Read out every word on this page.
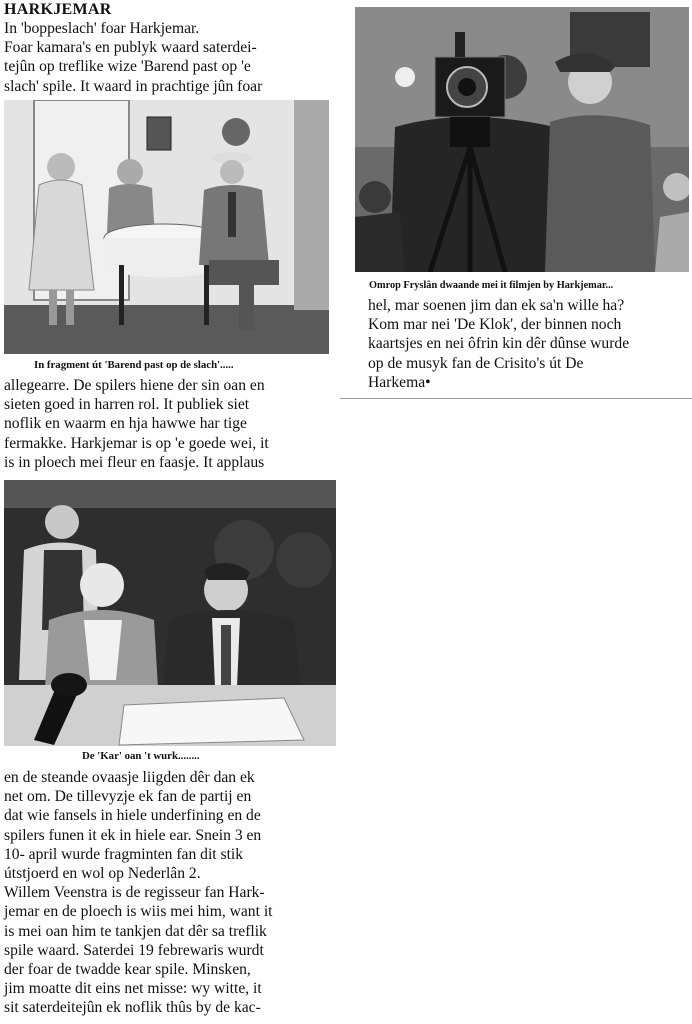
HARKJEMAR
In 'boppeslach' foar Harkjemar.
Foar kamara's en publyk waard saterdei-
tejûn op treflike wize 'Barend past op 'e
slach' spile. It waard in prachtige jûn foar
In fragment út 'Barend past op de slach'.....
allegearre. De spilers hiene der sin oan en
sieten goed in harren rol. It publiek siet
noflik en waarm en hja hawwe har tige
fermakke. Harkjemar is op 'e goede wei, it
is in ploech mei fleur en faasje. It applaus
De 'Kar' oan 't wurk........
en de steande ovaasje liigden dêr dan ek
net om. De tillevyzje ek fan de partij en
dat wie fansels in hiele underfining en de
spilers funen it ek in hiele ear. Snein 3 en
10- april wurde fragminten fan dit stik
útstjoerd en wol op Nederlân 2.
Willem Veenstra is de regisseur fan Hark-
jemar en de ploech is wiis mei him, want it
is mei oan him te tankjen dat dêr sa treflik
spile waard. Saterdei 19 febrewaris wurdt
der foar de twadde kear spile. Minsken,
jim moatte dit eins net misse: wy witte, it
sit saterdeitejûn ek noflik thûs by de kac-
Omrop Fryslân dwaande mei it filmjen by Harkjemar...
hel, mar soenen jim dan ek sa'n wille ha?
Kom mar nei 'De Klok', der binnen noch
kaartsjes en nei ôfrin kin dêr dûnse wurde
op de musyk fan de Crisito's út De
Harkema•
